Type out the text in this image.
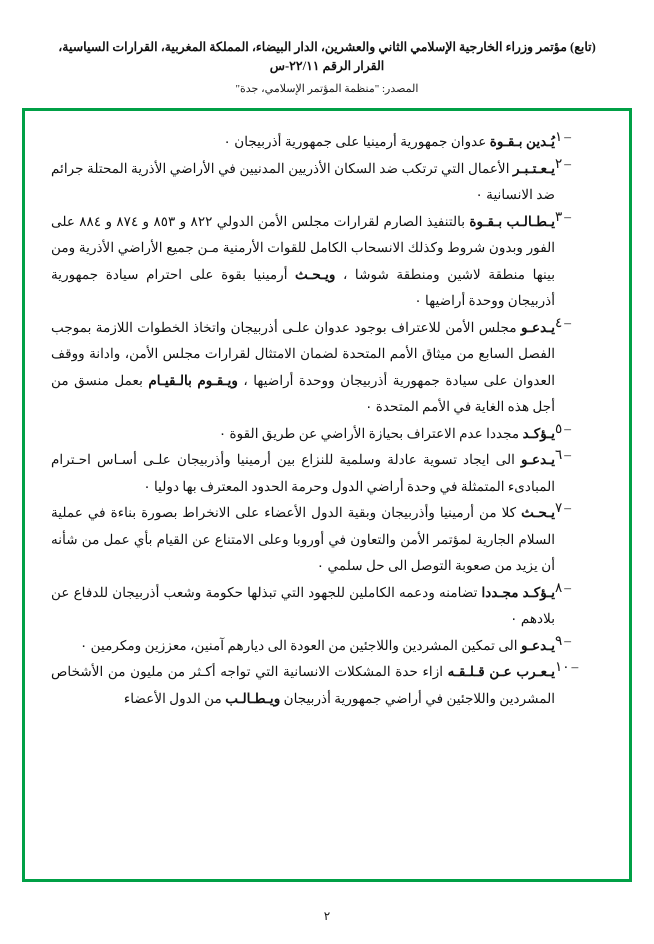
(تابع) مؤتمر وزراء الخارجية الإسلامي الثاني والعشرين، الدار البيضاء، المملكة المغربية، القرارات السياسية، القرار الرقم ٢٢/١١-س
المصدر: "منظمة المؤتمر الإسلامي، جدة"
–١	يُـدين بـقـوة عدوان جمهورية أرمينيا على جمهورية أذربيجان ٠
–٢	يـعـتـبـر الأعمال التي ترتكب ضد السكان الأذريين المدنيين في الأراضي الأذرية المحتلة جرائم ضد الانسانية ٠
–٣	يـطـالـب بـقـوة بالتنفيذ الصارم لقرارات مجلس الأمن الدولي ٨٢٢ و ٨٥٣ و ٨٧٤ و ٨٨٤ على الفور وبدون شروط وكذلك الانسحاب الكامل للقوات الأرمنية مـن جميع الأراضي الأذرية ومن بينها منطقة لاشين ومنطقة شوشا ، ويـحـث أرمينيا بقوة على احترام سيادة جمهورية أذربيجان ووحدة أراضيها ٠
–٤	يـدعـو مجلس الأمن للاعتراف بوجود عدوان علـى أذربيجان واتخاذ الخطوات اللازمة بموجب الفصل السابع من ميثاق الأمم المتحدة لضمان الامتثال لقرارات مجلس الأمن، وادانة ووقف العدوان على سيادة جمهورية أذربيجان ووحدة أراضيها ، ويـقـوم بالـقيـام بعمل منسق من أجل هذه الغاية في الأمم المتحدة ٠
–٥	يـؤكـد مجددا عدم الاعتراف بحيازة الأراضي عن طريق القوة ٠
–٦	يـدعـو الى ايجاد تسوية عادلة وسلمية للنزاع بين أرمينيا وأذربيجان علـى أسـاس احـترام المبادىء المتمثلة في وحدة أراضي الدول وحرمة الحدود المعترف بها دوليا ٠
–٧	يـحـث كلا من أرمينيا وأذربيجان وبقية الدول الأعضاء على الانخراط بصورة بناءة في عملية السلام الجارية لمؤتمر الأمن والتعاون في أوروبا وعلى الامتناع عن القيام بأي عمل من شأنه أن يزيد من صعوبة التوصل الى حل سلمي ٠
–٨	يـؤكـد مجـددا تضامنه ودعمه الكاملين للجهود التي تبذلها حكومة وشعب أذربيجان للدفاع عن بلادهم ٠
–٩	يـدعـو الى تمكين المشردين واللاجئين من العودة الى ديارهم آمنين، معززين ومكرمين ٠
–١٠	يـعـرب عـن قـلـقـه ازاء حدة المشكلات الانسانية التي تواجه أكـثر من مليون من الأشخاص المشردين واللاجئين في أراضي جمهورية أذربيجان ويـطـالـب من الدول الأعضاء
٢
